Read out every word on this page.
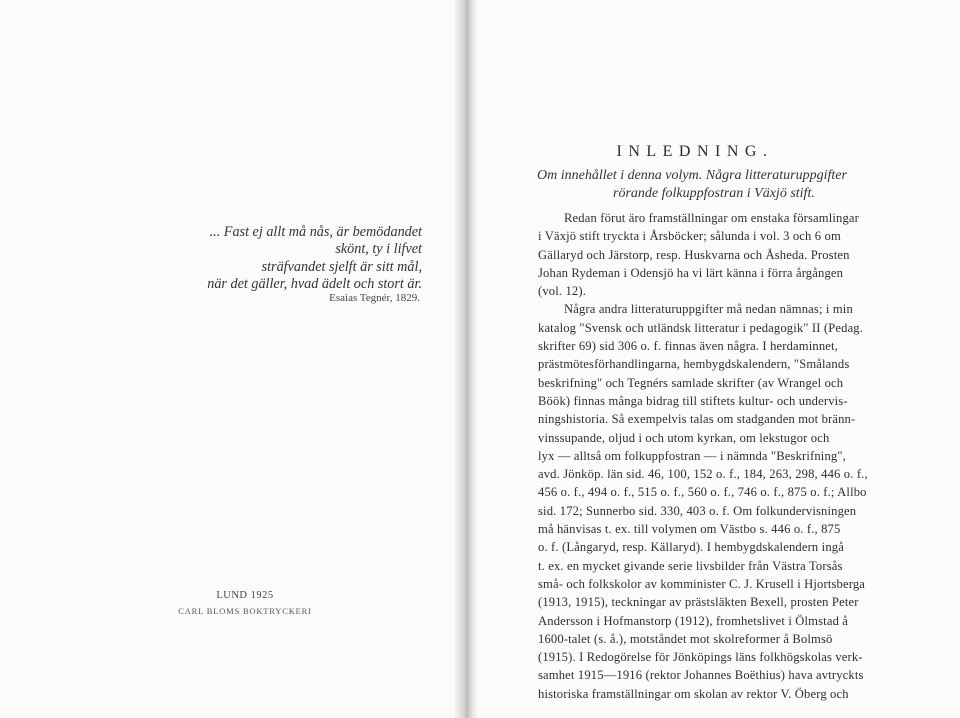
... Fast ej allt må nås, är bemödandet
skönt, ty i lifvet
sträfvandet sjelft är sitt mål,
när det gäller, hvad ädelt och stort är.
Esaias Tegnér, 1829.
LUND 1925
CARL BLOMS BOKTRYCKERI
INLEDNING.
Om innehållet i denna volym. Några litteraturuppgifter
rörande folkuppfostran i Växjö stift.
Redan förut äro framställningar om enstaka församlingar
i Växjö stift tryckta i Årsböcker; sålunda i vol. 3 och 6 om
Gällaryd och Järstorp, resp. Huskvarna och Åsheda. Prosten
Johan Rydeman i Odensjö ha vi lärt känna i förra årgången
(vol. 12).
Några andra litteraturuppgifter må nedan nämnas; i min
katalog "Svensk och utländsk litteratur i pedagogik" II (Pedag.
skrifter 69) sid 306 o. f. finnas även några. I herdaminnet,
prästmötesförhandlingarna, hembygdskalendern, "Smålands
beskrifning" och Tegnérs samlade skrifter (av Wrangel och
Böök) finnas många bidrag till stiftets kultur- och undervis-
ningshistoria. Så exempelvis talas om stadganden mot bränn-
vinssupande, oljud i och utom kyrkan, om lekstugor och
lyx — alltså om folkuppfostran — i nämnda "Beskrifning",
avd. Jönköp. län sid. 46, 100, 152 o. f., 184, 263, 298, 446 o. f.,
456 o. f., 494 o. f., 515 o. f., 560 o. f., 746 o. f., 875 o. f.; Allbo
sid. 172; Sunnerbo sid. 330, 403 o. f. Om folkundervisningen
må hänvisas t. ex. till volymen om Västbo s. 446 o. f., 875
o. f. (Långaryd, resp. Källaryd). I hembygdskalendern ingå
t. ex. en mycket givande serie livsbilder från Västra Torsås
små- och folkskolor av komminister C. J. Krusell i Hjortsberga
(1913, 1915), teckningar av prästsläkten Bexell, prosten Peter
Andersson i Hofmanstorp (1912), fromhetslivet i Ölmstad å
1600-talet (s. å.), motståndet mot skolreformer å Bolmsö
(1915). I Redogörelse för Jönköpings läns folkhögskolas verk-
samhet 1915—1916 (rektor Johannes Boëthius) hava avtryckts
historiska framställningar om skolan av rektor V. Öberg och
